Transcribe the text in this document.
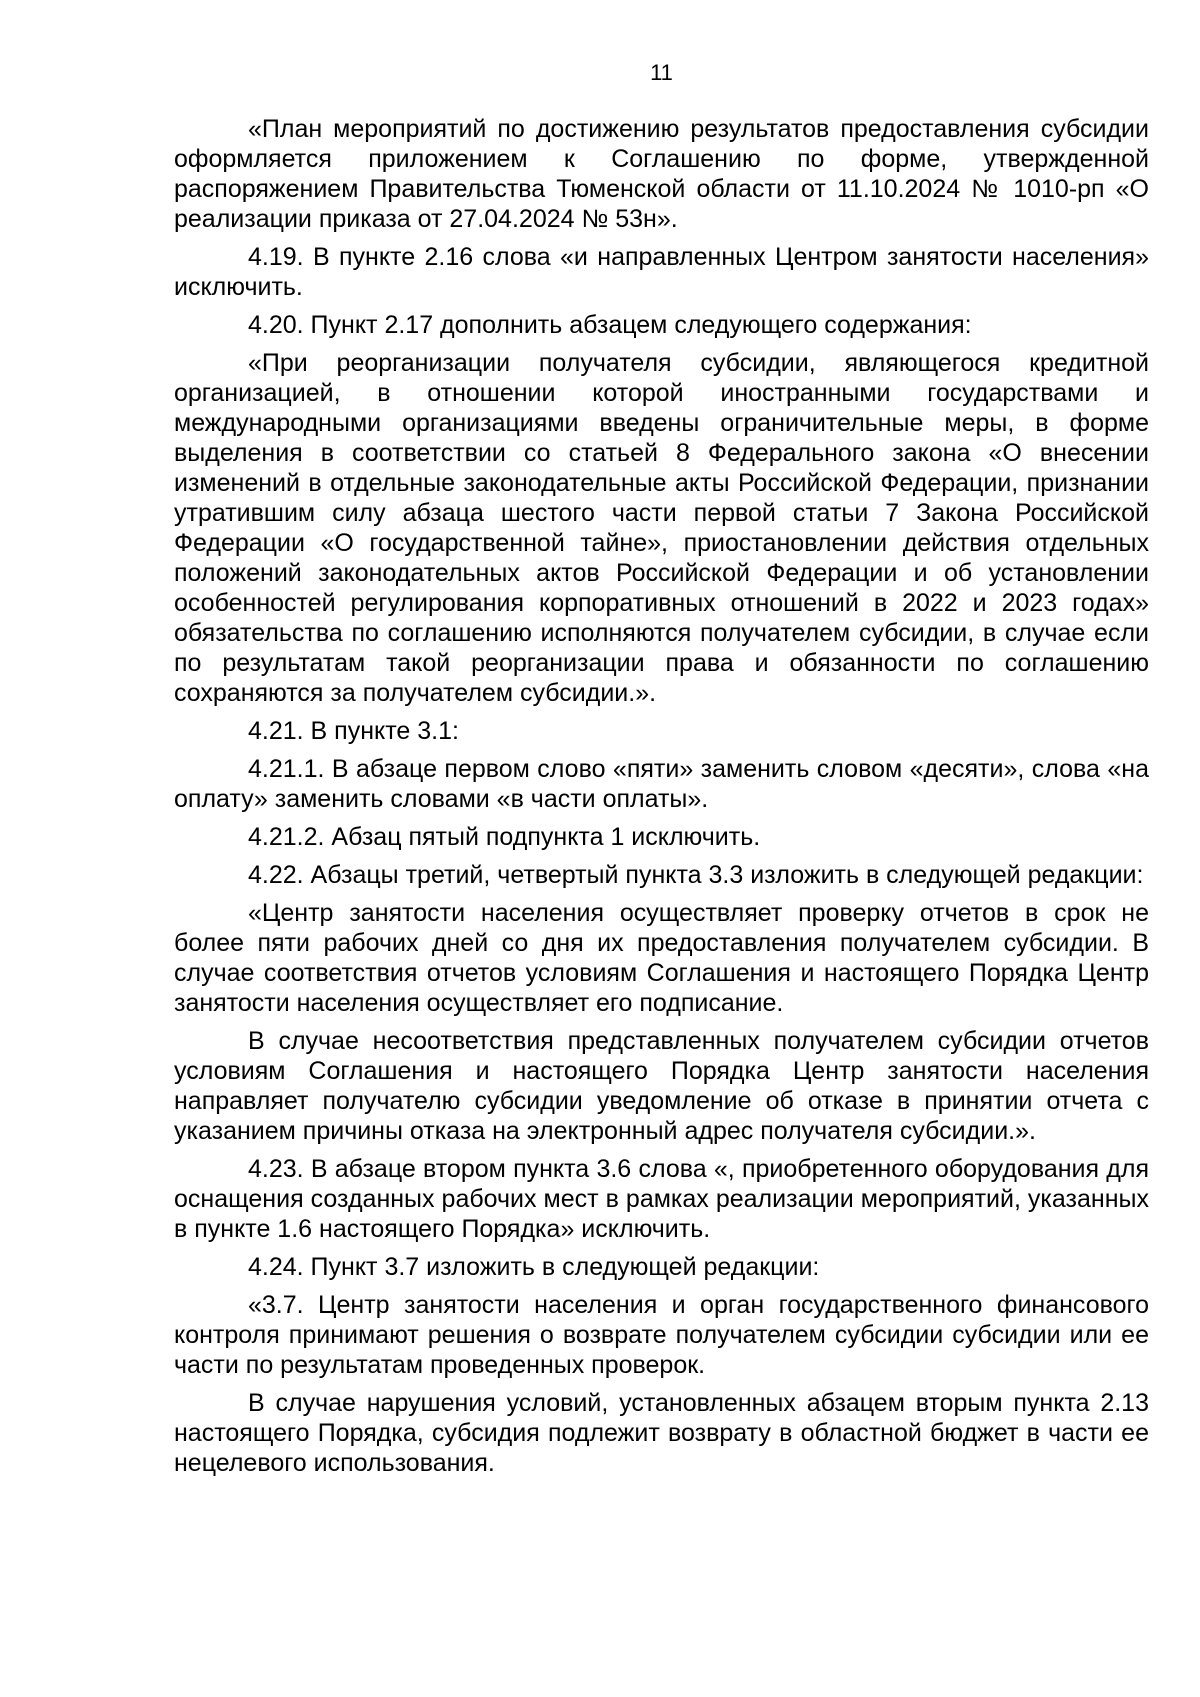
11

«План мероприятий по достижению результатов предоставления субсидии оформляется приложением к Соглашению по форме, утвержденной распоряжением Правительства Тюменской области от 11.10.2024 № 1010-рп «О реализации приказа от 27.04.2024 № 53н».

4.19. В пункте 2.16 слова «и направленных Центром занятости населения» исключить.

4.20. Пункт 2.17 дополнить абзацем следующего содержания:

«При реорганизации получателя субсидии, являющегося кредитной организацией, в отношении которой иностранными государствами и международными организациями введены ограничительные меры, в форме выделения в соответствии со статьей 8 Федерального закона «О внесении изменений в отдельные законодательные акты Российской Федерации, признании утратившим силу абзаца шестого части первой статьи 7 Закона Российской Федерации «О государственной тайне», приостановлении действия отдельных положений законодательных актов Российской Федерации и об установлении особенностей регулирования корпоративных отношений в 2022 и 2023 годах» обязательства по соглашению исполняются получателем субсидии, в случае если по результатам такой реорганизации права и обязанности по соглашению сохраняются за получателем субсидии.».

4.21. В пункте 3.1:

4.21.1. В абзаце первом слово «пяти» заменить словом «десяти», слова «на оплату» заменить словами «в части оплаты».

4.21.2. Абзац пятый подпункта 1 исключить.

4.22. Абзацы третий, четвертый пункта 3.3 изложить в следующей редакции:

«Центр занятости населения осуществляет проверку отчетов в срок не более пяти рабочих дней со дня их предоставления получателем субсидии. В случае соответствия отчетов условиям Соглашения и настоящего Порядка Центр занятости населения осуществляет его подписание.

В случае несоответствия представленных получателем субсидии отчетов условиям Соглашения и настоящего Порядка Центр занятости населения направляет получателю субсидии уведомление об отказе в принятии отчета с указанием причины отказа на электронный адрес получателя субсидии.».

4.23. В абзаце втором пункта 3.6 слова «, приобретенного оборудования для оснащения созданных рабочих мест в рамках реализации мероприятий, указанных в пункте 1.6 настоящего Порядка» исключить.

4.24. Пункт 3.7 изложить в следующей редакции:

«3.7. Центр занятости населения и орган государственного финансового контроля принимают решения о возврате получателем субсидии субсидии или ее части по результатам проведенных проверок.

В случае нарушения условий, установленных абзацем вторым пункта 2.13 настоящего Порядка, субсидия подлежит возврату в областной бюджет в части ее нецелевого использования.
